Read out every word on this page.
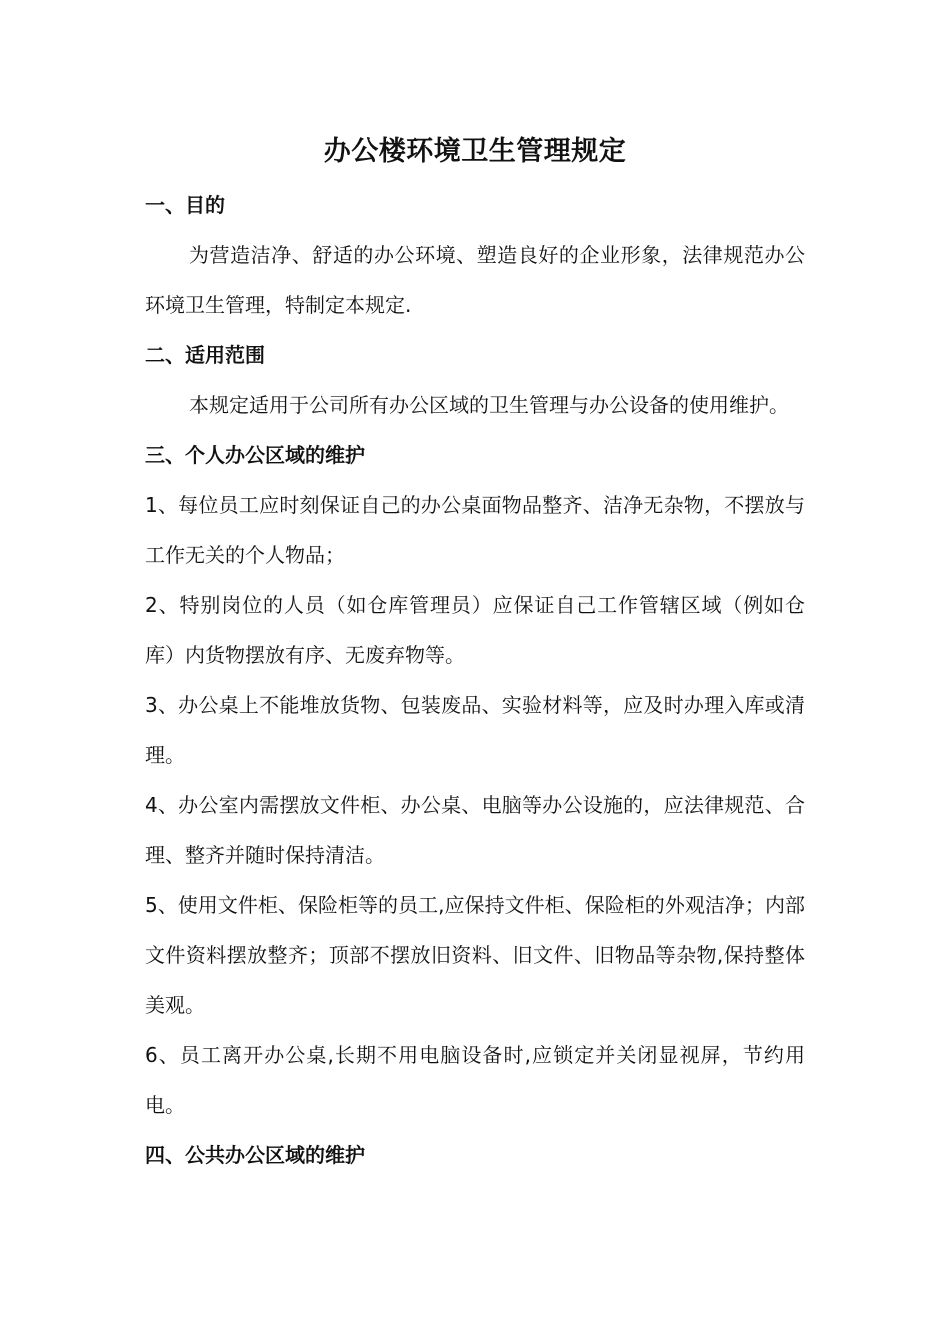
办公楼环境卫生管理规定
一、目的

为营造洁净、舒适的办公环境、塑造良好的企业形象，法律规范办公环境卫生管理，特制定本规定.

二、适用范围

本规定适用于公司所有办公区域的卫生管理与办公设备的使用维护。

三、个人办公区域的维护

1、每位员工应时刻保证自己的办公桌面物品整齐、洁净无杂物，不摆放与工作无关的个人物品；

2、特别岗位的人员（如仓库管理员）应保证自己工作管辖区域（例如仓库）内货物摆放有序、无废弃物等。

3、办公桌上不能堆放货物、包装废品、实验材料等，应及时办理入库或清理。

4、办公室内需摆放文件柜、办公桌、电脑等办公设施的，应法律规范、合理、整齐并随时保持清洁。

5、使用文件柜、保险柜等的员工,应保持文件柜、保险柜的外观洁净；内部文件资料摆放整齐；顶部不摆放旧资料、旧文件、旧物品等杂物,保持整体美观。

6、员工离开办公桌,长期不用电脑设备时,应锁定并关闭显视屏，节约用电。

四、公共办公区域的维护
